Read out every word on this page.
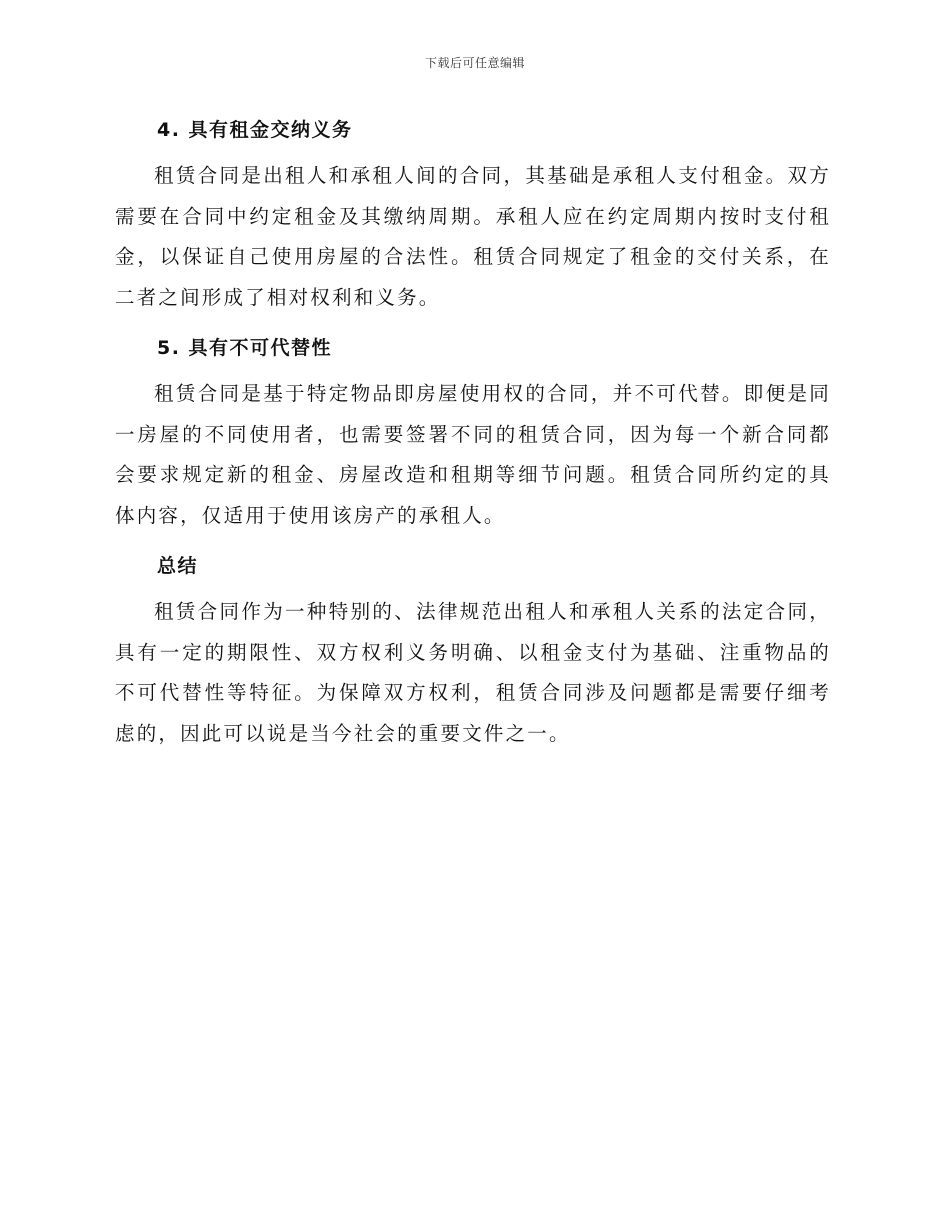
下载后可任意编辑
4. 具有租金交纳义务

租赁合同是出租人和承租人间的合同，其基础是承租人支付租金。双方需要在合同中约定租金及其缴纳周期。承租人应在约定周期内按时支付租金，以保证自己使用房屋的合法性。租赁合同规定了租金的交付关系，在二者之间形成了相对权利和义务。

5. 具有不可代替性

租赁合同是基于特定物品即房屋使用权的合同，并不可代替。即便是同一房屋的不同使用者，也需要签署不同的租赁合同，因为每一个新合同都会要求规定新的租金、房屋改造和租期等细节问题。租赁合同所约定的具体内容，仅适用于使用该房产的承租人。

总结

租赁合同作为一种特别的、法律规范出租人和承租人关系的法定合同，具有一定的期限性、双方权利义务明确、以租金支付为基础、注重物品的不可代替性等特征。为保障双方权利，租赁合同涉及问题都是需要仔细考虑的，因此可以说是当今社会的重要文件之一。
